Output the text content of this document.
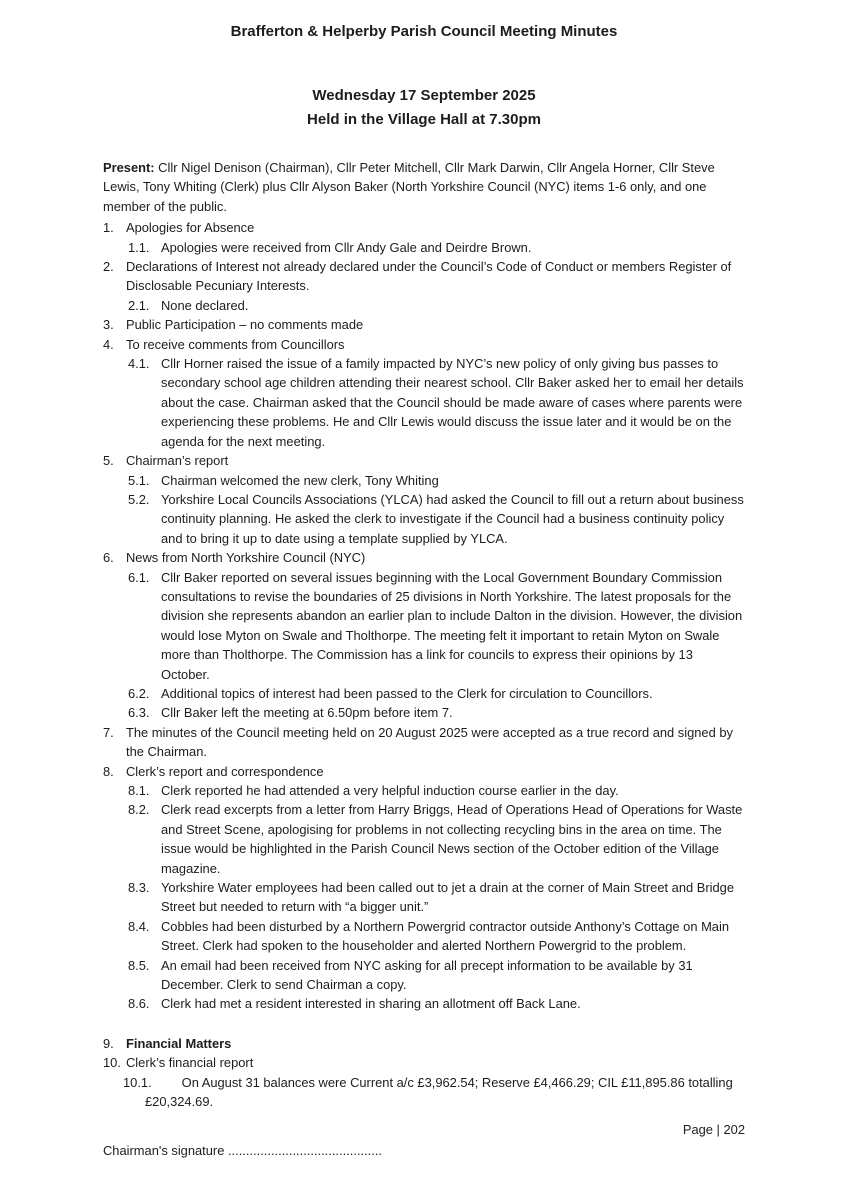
Brafferton & Helperby Parish Council Meeting Minutes
Wednesday 17 September 2025
Held in the Village Hall at 7.30pm

Present: Cllr Nigel Denison (Chairman), Cllr Peter Mitchell, Cllr Mark Darwin, Cllr Angela Horner, Cllr Steve Lewis, Tony Whiting (Clerk) plus Cllr Alyson Baker (North Yorkshire Council (NYC) items 1-6 only, and one member of the public.

1. Apologies for Absence
1.1. Apologies were received from Cllr Andy Gale and Deirdre Brown.
2. Declarations of Interest not already declared under the Council’s Code of Conduct or members Register of Disclosable Pecuniary Interests.
2.1. None declared.
3. Public Participation – no comments made
4. To receive comments from Councillors
4.1. Cllr Horner raised the issue of a family impacted by NYC’s new policy of only giving bus passes to secondary school age children attending their nearest school. Cllr Baker asked her to email her details about the case. Chairman asked that the Council should be made aware of cases where parents were experiencing these problems. He and Cllr Lewis would discuss the issue later and it would be on the agenda for the next meeting.
5. Chairman’s report
5.1. Chairman welcomed the new clerk, Tony Whiting
5.2. Yorkshire Local Councils Associations (YLCA) had asked the Council to fill out a return about business continuity planning. He asked the clerk to investigate if the Council had a business continuity policy and to bring it up to date using a template supplied by YLCA.
6. News from North Yorkshire Council (NYC)
6.1. Cllr Baker reported on several issues beginning with the Local Government Boundary Commission consultations to revise the boundaries of 25 divisions in North Yorkshire. The latest proposals for the division she represents abandon an earlier plan to include Dalton in the division. However, the division would lose Myton on Swale and Tholthorpe. The meeting felt it important to retain Myton on Swale more than Tholthorpe. The Commission has a link for councils to express their opinions by 13 October.
6.2. Additional topics of interest had been passed to the Clerk for circulation to Councillors.
6.3. Cllr Baker left the meeting at 6.50pm before item 7.
7. The minutes of the Council meeting held on 20 August 2025 were accepted as a true record and signed by the Chairman.
8. Clerk’s report and correspondence
8.1. Clerk reported he had attended a very helpful induction course earlier in the day.
8.2. Clerk read excerpts from a letter from Harry Briggs, Head of Operations Head of Operations for Waste and Street Scene, apologising for problems in not collecting recycling bins in the area on time. The issue would be highlighted in the Parish Council News section of the October edition of the Village magazine.
8.3. Yorkshire Water employees had been called out to jet a drain at the corner of Main Street and Bridge Street but needed to return with “a bigger unit.”
8.4. Cobbles had been disturbed by a Northern Powergrid contractor outside Anthony’s Cottage on Main Street. Clerk had spoken to the householder and alerted Northern Powergrid to the problem.
8.5. An email had been received from NYC asking for all precept information to be available by 31 December. Clerk to send Chairman a copy.
8.6. Clerk had met a resident interested in sharing an allotment off Back Lane.
9. Financial Matters
10. Clerk’s financial report
10.1. On August 31 balances were Current a/c £3,962.54; Reserve £4,466.29; CIL £11,895.86 totalling £20,324.69.
Page | 202
Chairman's signature ...........................................
